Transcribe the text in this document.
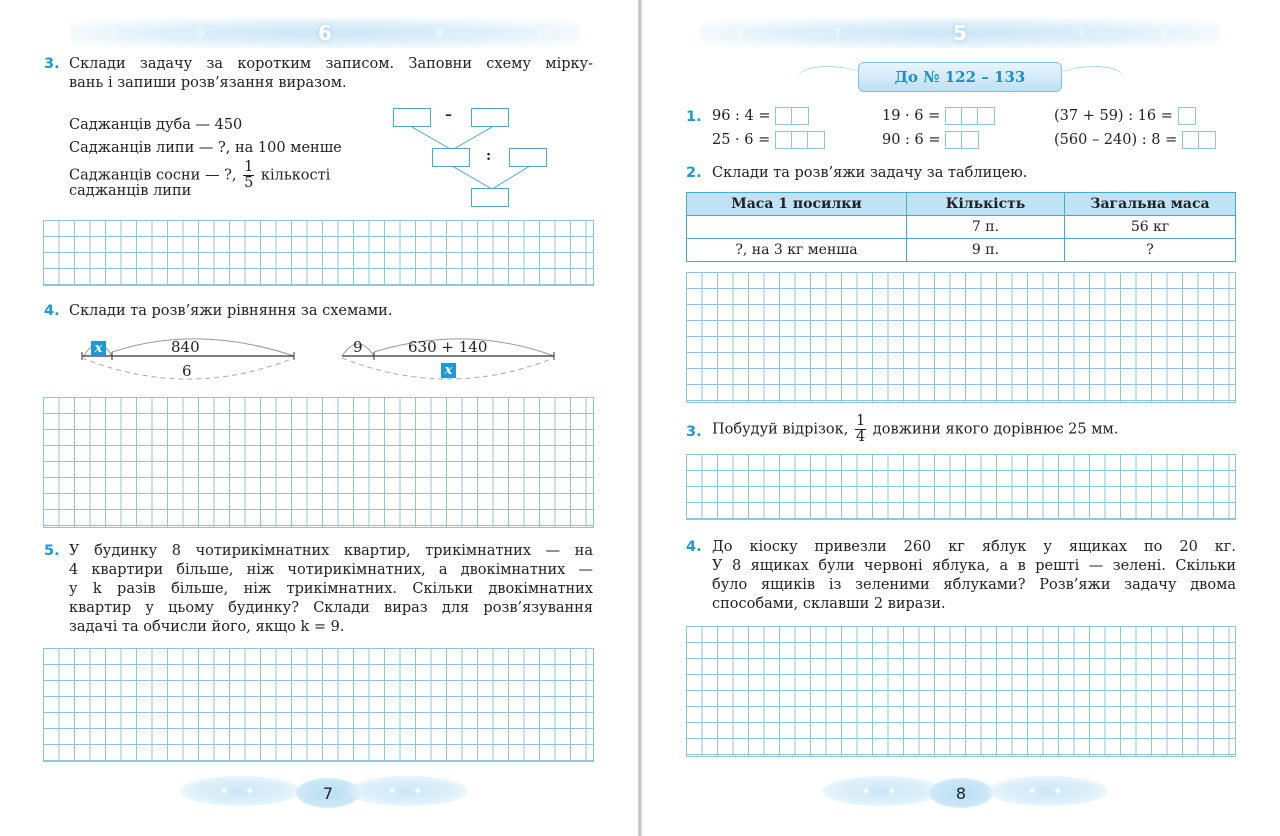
3	9	6	8	10
3. Склади задачу за коротким записом. Заповни схему мірку-
вань і запиши розв’язання виразом.
Саджанців дуба — 450
Саджанців липи — ?, на 100 менше
Саджанців сосни — ?, $\frac{1}{5}$ кількості
саджанців липи
–
:
4. Склади та розв’яжи рівняння за схемами.
x	840
6
9	630 + 140
x
5. У будинку 8 чотирикімнатних квартир, трикімнатних — на
4 квартири більше, ніж чотирикімнатних, а двокімнатних —
у k разів більше, ніж трикімнатних. Скільки двокімнатних
квартир у цьому будинку? Склади вираз для розв’язування
задачі та обчисли його, якщо k = 9.
✦ ✦	7	✦ ✦
9	7	5	3	2
До № 122 – 133
1. 96 : 4 =	19 · 6 =	(37 + 59) : 16 =
25 · 6 =	90 : 6 =	(560 – 240) : 8 =
2. Склади та розв’яжи задачу за таблицею.
Маса 1 посилки	Кількість	Загальна маса
	7 п.	56 кг
?, на 3 кг менша	9 п.	?
3. Побудуй відрізок, $\frac{1}{4}$ довжини якого дорівнює 25 мм.
4. До кіоску привезли 260 кг яблук у ящиках по 20 кг.
У 8 ящиках були червоні яблука, а в решті — зелені. Скільки
було ящиків із зеленими яблуками? Розв’яжи задачу двома
способами, склавши 2 вирази.
✦ ✦	8	✦ ✦
